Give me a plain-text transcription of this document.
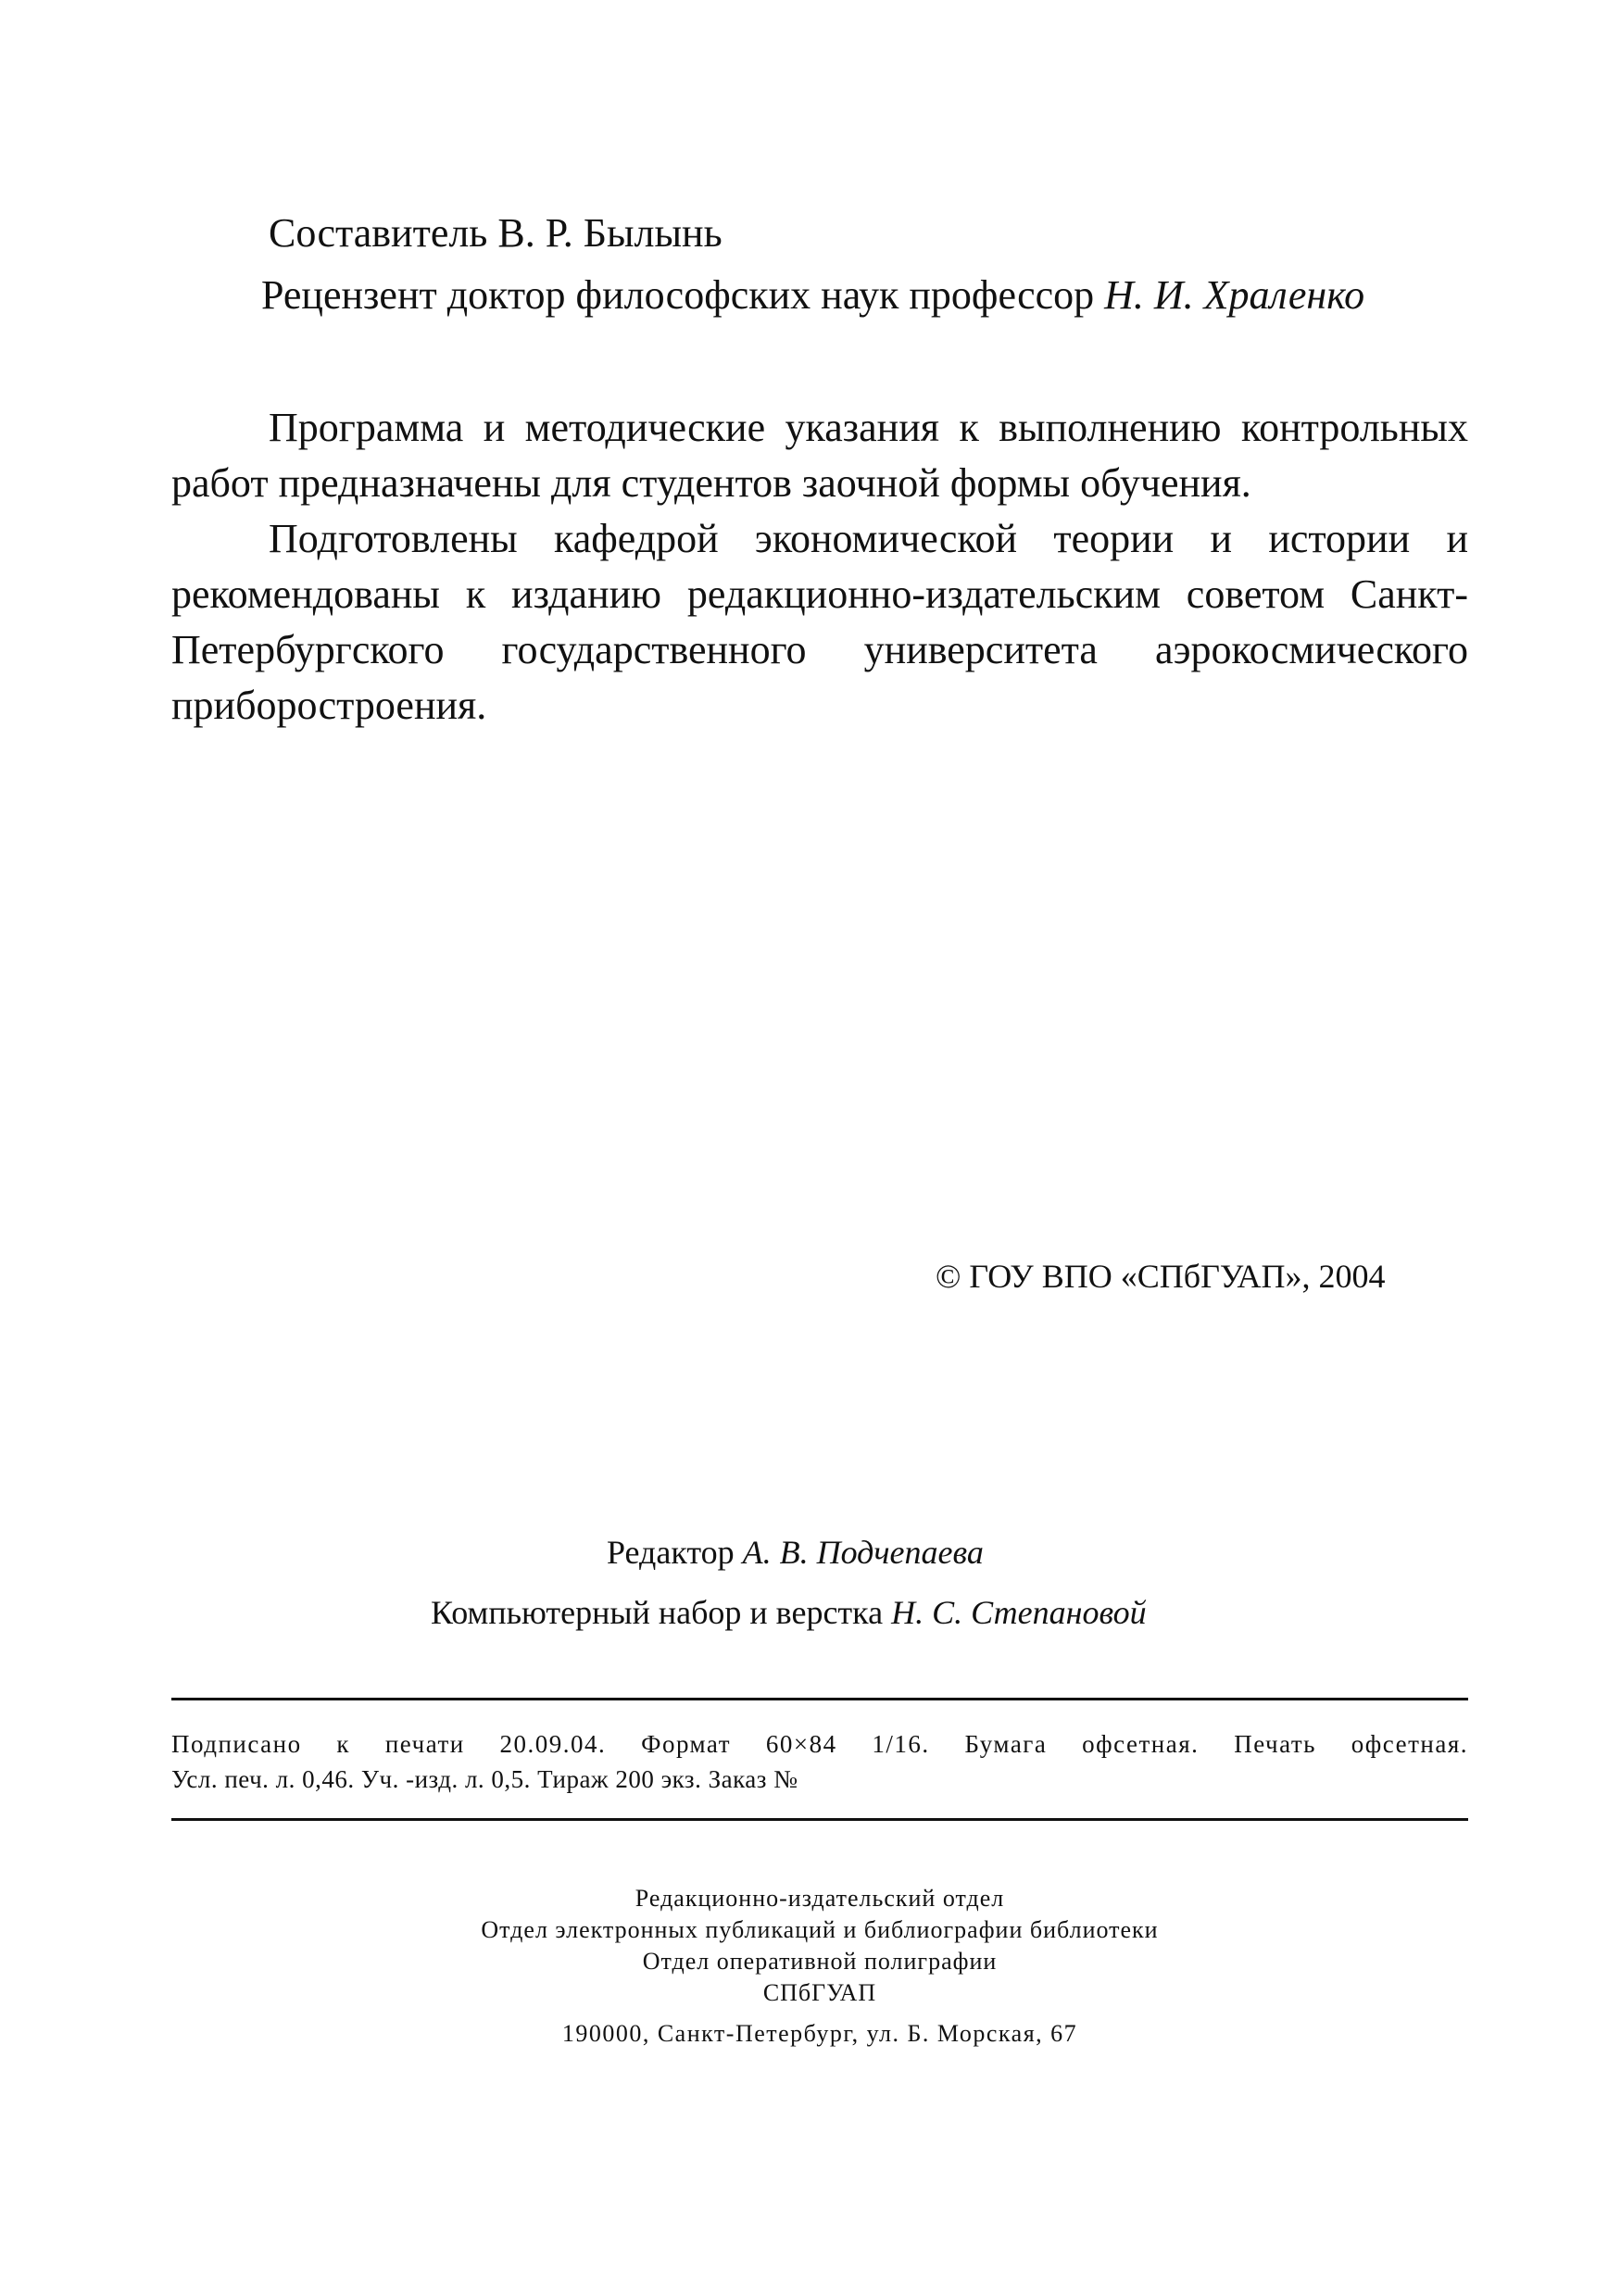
Составитель В. Р. Былынь
Рецензент доктор философских наук профессор Н. И. Храленко

Программа и методические указания к выполнению контрольных работ предназначены для студентов заочной формы обучения.

Подготовлены кафедрой экономической теории и истории и рекомендованы к изданию редакционно-издательским советом Санкт-Петербургского государственного университета аэрокосмического приборостроения.

© ГОУ ВПО «СПбГУАП», 2004
Редактор А. В. Подчепаева
Компьютерный набор и верстка Н. С. Степановой
Подписано к печати 20.09.04. Формат 60×84 1/16. Бумага офсетная. Печать офсетная.
Усл. печ. л. 0,46. Уч. -изд. л. 0,5. Тираж 200 экз. Заказ №
Редакционно-издательский отдел
Отдел электронных публикаций и библиографии библиотеки
Отдел оперативной полиграфии
СПбГУАП
190000, Санкт-Петербург, ул. Б. Морская, 67
